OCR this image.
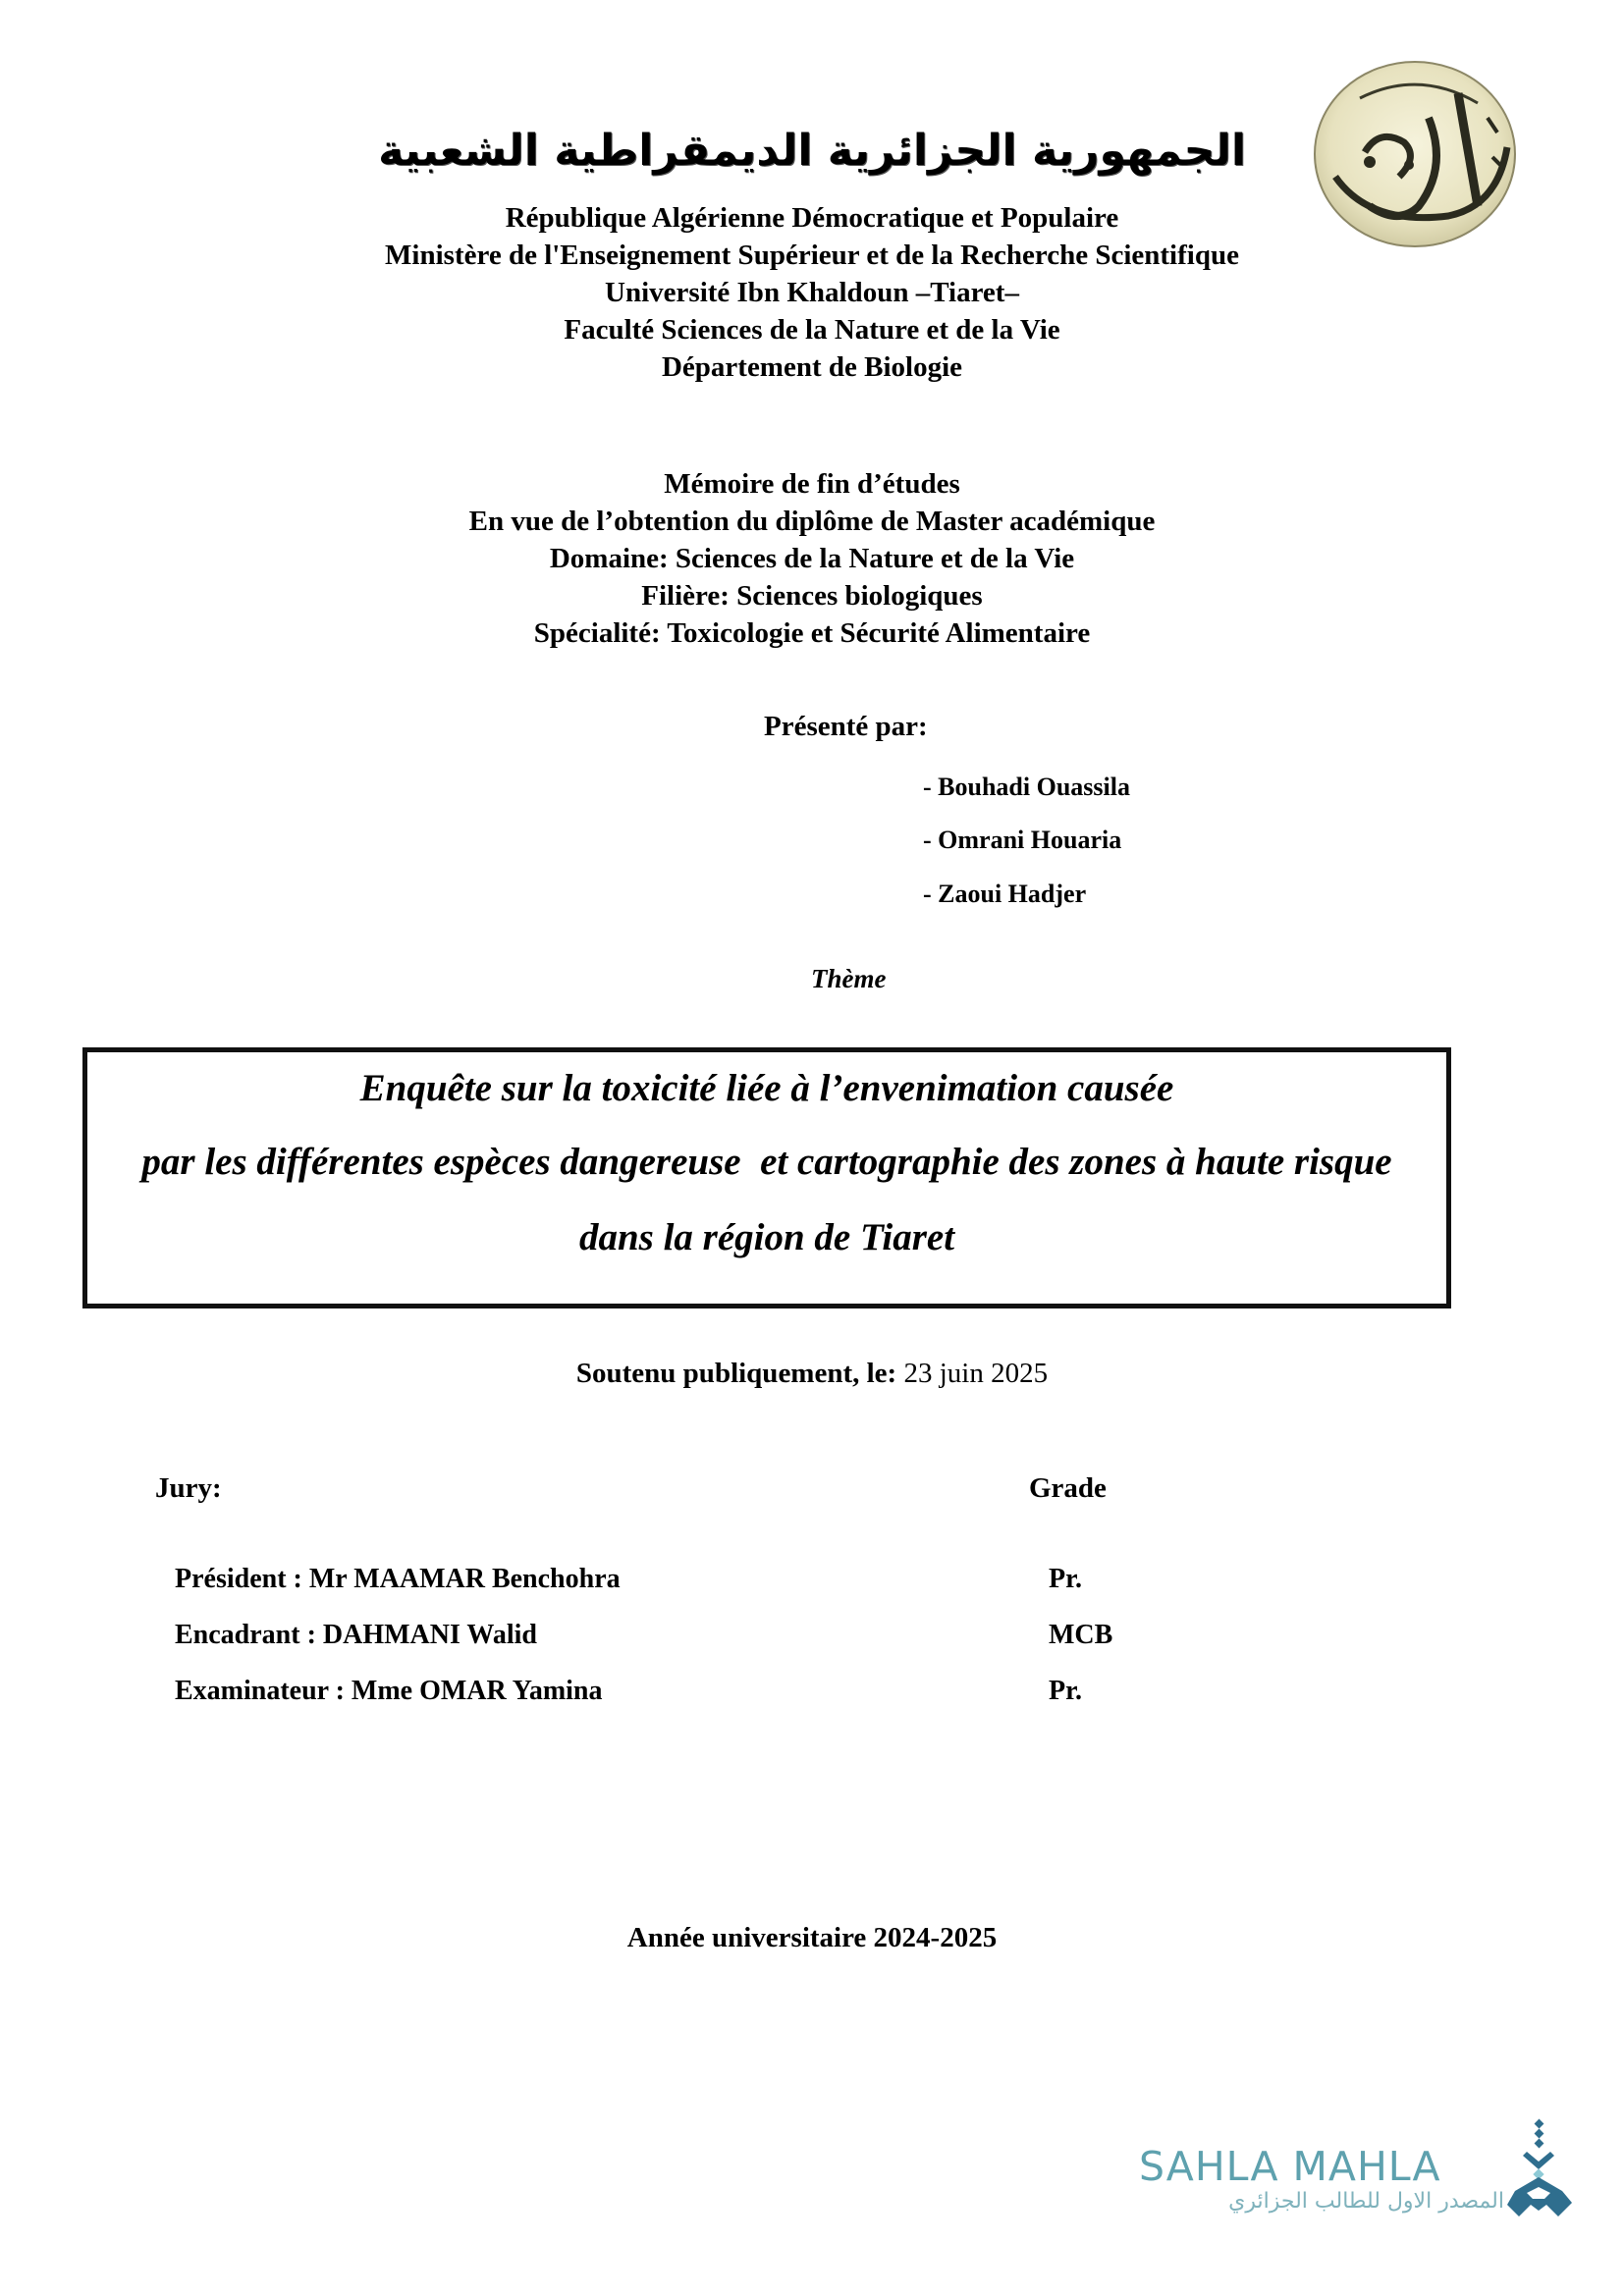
الجمهورية الجزائرية الديمقراطية الشعبية
République Algérienne Démocratique et Populaire
Ministère de l'Enseignement Supérieur et de la Recherche Scientifique
Université Ibn Khaldoun –Tiaret–
Faculté Sciences de la Nature et de la Vie
Département de Biologie
Mémoire de fin d’études
En vue de l’obtention du diplôme de Master académique
Domaine: Sciences de la Nature et de la Vie
Filière: Sciences biologiques
Spécialité: Toxicologie et Sécurité Alimentaire
Présenté par:
- Bouhadi Ouassila
- Omrani Houaria
- Zaoui Hadjer
Thème
Enquête sur la toxicité liée à l’envenimation causée
par les différentes espèces dangereuse  et cartographie des zones à haute risque
dans la région de Tiaret
Soutenu publiquement, le: 23 juin 2025
Jury:	Grade
Président : Mr MAAMAR Benchohra	Pr.
Encadrant : DAHMANI Walid	MCB
Examinateur : Mme OMAR Yamina	Pr.
Année universitaire 2024-2025
SAHLA MAHLA
المصدر الاول للطالب الجزائري
